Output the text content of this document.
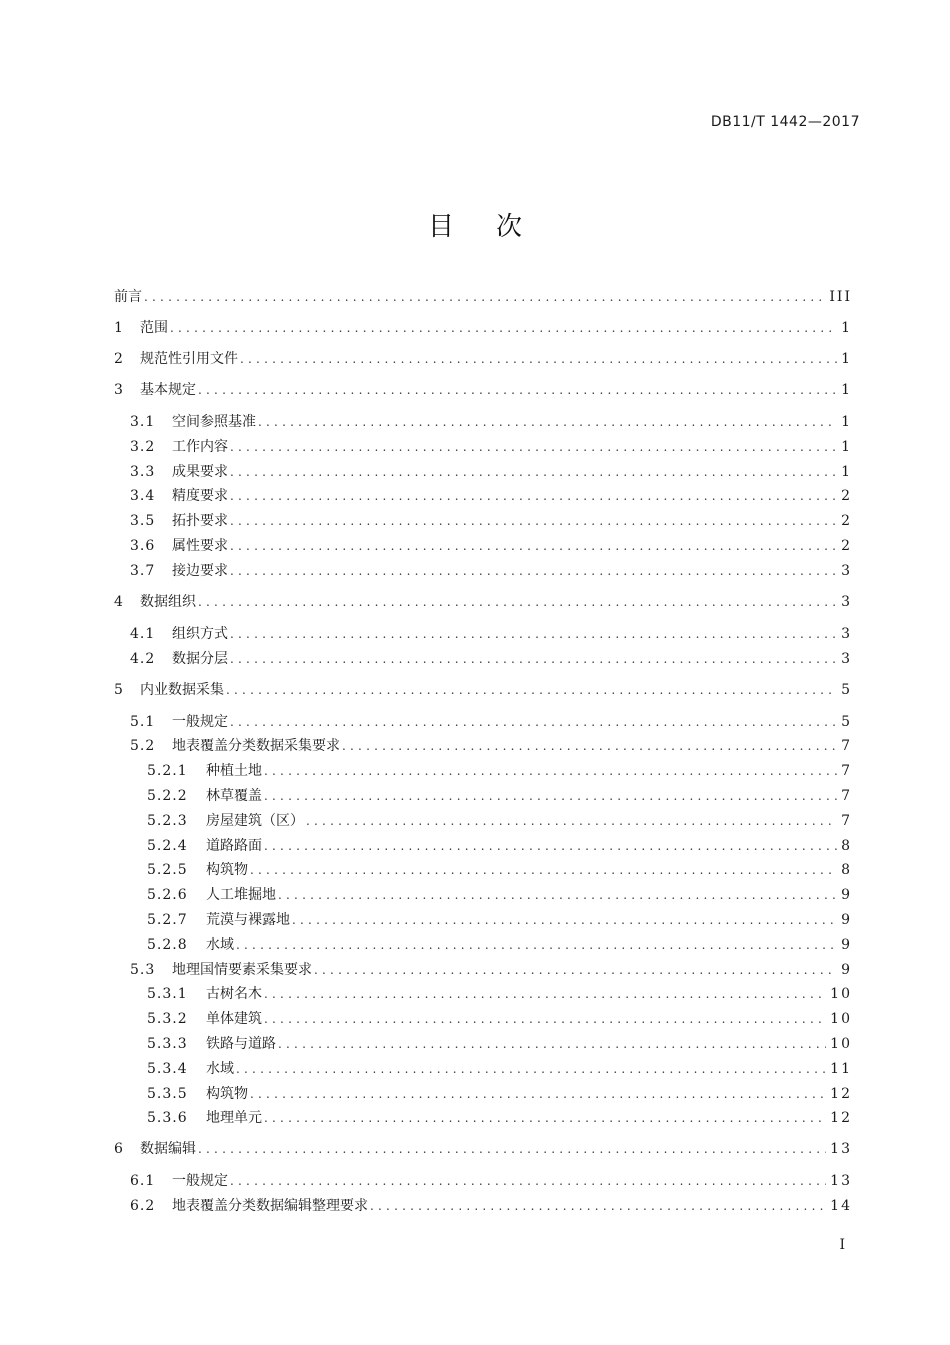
DB11/T 1442—2017
目次
前言 . . .	III
1	范围 . . .	1
2	规范性引用文件 . . .	1
3	基本规定 . . .	1
3.1	空间参照基准 . . .	1
3.2	工作内容 . . .	1
3.3	成果要求 . . .	1
3.4	精度要求 . . .	2
3.5	拓扑要求 . . .	2
3.6	属性要求 . . .	2
3.7	接边要求 . . .	3
4	数据组织 . . .	3
4.1	组织方式 . . .	3
4.2	数据分层 . . .	3
5	内业数据采集 . . .	5
5.1	一般规定 . . .	5
5.2	地表覆盖分类数据采集要求 . . .	7
5.2.1	种植土地 . . .	7
5.2.2	林草覆盖 . . .	7
5.2.3	房屋建筑（区） . . .	7
5.2.4	道路路面 . . .	8
5.2.5	构筑物 . . .	8
5.2.6	人工堆掘地 . . .	9
5.2.7	荒漠与裸露地 . . .	9
5.2.8	水域 . . .	9
5.3	地理国情要素采集要求 . . .	9
5.3.1	古树名木 . . .	10
5.3.2	单体建筑 . . .	10
5.3.3	铁路与道路 . . .	10
5.3.4	水域 . . .	11
5.3.5	构筑物 . . .	12
5.3.6	地理单元 . . .	12
6	数据编辑 . . .	13
6.1	一般规定 . . .	13
6.2	地表覆盖分类数据编辑整理要求 . . .	14
I
